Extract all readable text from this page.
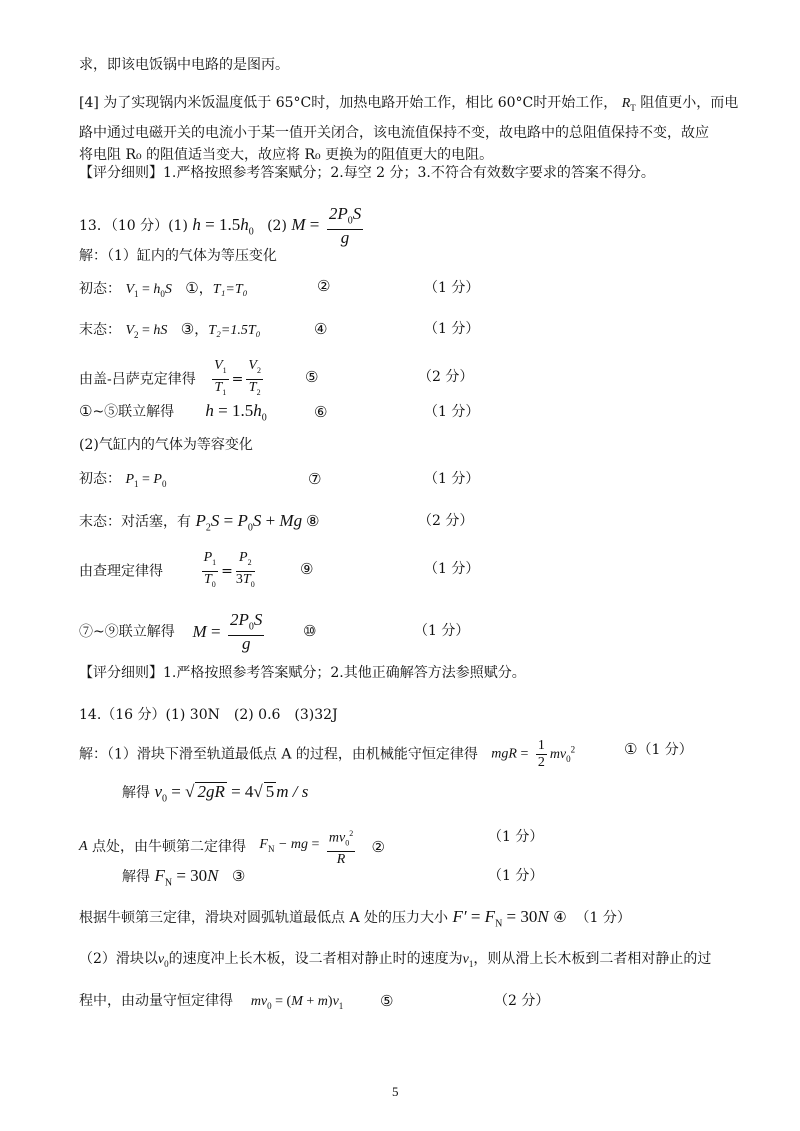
求，即该电饭锅中电路的是图丙。
[4] 为了实现锅内米饭温度低于 65°C时，加热电路开始工作，相比 60°C时开始工作， $R_T$ 阻值更小，而电
路中通过电磁开关的电流小于某一值开关闭合，该电流值保持不变，故电路中的总阻值保持不变，故应
将电阻 R₀ 的阻值适当变大，故应将 R₀ 更换为的阻值更大的电阻。
【评分细则】1.严格按照参考答案赋分；2.每空 2 分；3.不符合有效数字要求的答案不得分。
13．（10 分）(1) $h = 1.5h_0$ (2) $M = \frac{2P_0S}{g}$
解：（1）缸内的气体为等压变化
初态： $V_1 = h_0S$ ①，T₁=T₀	②	（1 分）
末态： $V_2$ = hS ③，T₂=1.5T₀	④	（1 分）
由盖-吕萨克定律得 $\frac{V_1}{T_1} = \frac{V_2}{T_2}$	⑤	（2 分）
①~⑤联立解得 $h = 1.5h_0$	⑥	（1 分）
(2)气缸内的气体为等容变化
初态： $P_1 = P_0$	⑦	（1 分）
末态：对活塞，有 $P_2S = P_0S + Mg$ ⑧	（2 分）
由查理定律得	$\frac{P_1}{T_0} = \frac{P_2}{3T_0}$	⑨	（1 分）
⑦~⑨联立解得 $M = \frac{2P_0S}{g}$	⑩	（1 分）
【评分细则】1.严格按照参考答案赋分；2.其他正确解答方法参照赋分。
14.（16 分）(1) 30N　(2) 0.6　(3)32J
解：（1）滑块下滑至轨道最低点 A 的过程，由机械能守恒定律得 mgR = $\frac{1}{2} mv_0^2$	①（1 分）
解得 $v_0$ = √ 2gR = 4√ 5 m / s
A 点处，由牛顿第二定律得 $F_N$ − mg = $\frac{mv_0^2}{R}$ ②
（1 分）
解得 $F_N = 30N$ ③	（1 分）
根据牛顿第三定律，滑块对圆弧轨道最低点 A 处的压力大小 $F' = F_N = 30N$ ④ （1 分）
（2）滑块以$v_0$的速度冲上长木板，设二者相对静止时的速度为$v_1$，则从滑上长木板到二者相对静止的过
程中，由动量守恒定律得 $mv_0 = (M + m)v_1$ ⑤	（2 分）
5
